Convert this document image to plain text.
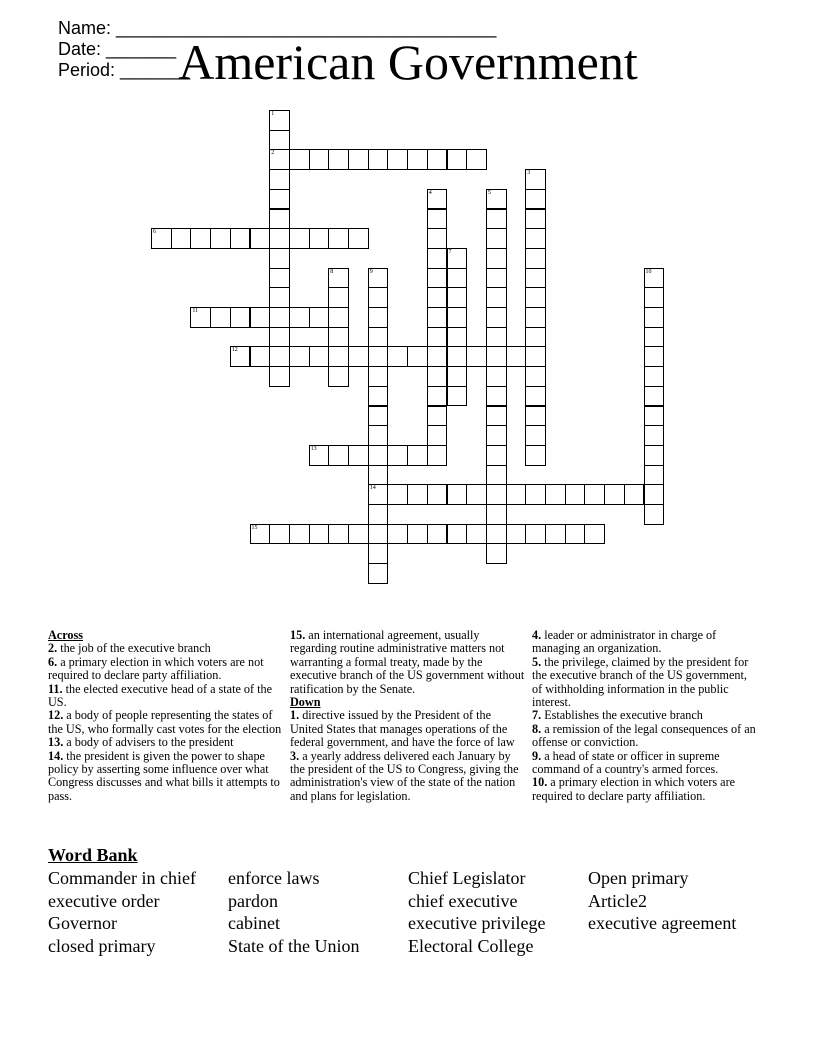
Name: ______________________________________
Date: _______
Period: _______

American Government
1
2
3
4	5
6
7
8	9
14
10
11
12
13
15
Across
2. the job of the executive branch
6. a primary election in which voters are not required to declare party affiliation.
11. the elected executive head of a state of the US.
12. a body of people representing the states of the US, who formally cast votes for the election
13. a body of advisers to the president
14. the president is given the power to shape policy by asserting some influence over what Congress discusses and what bills it attempts to pass.
15. an international agreement, usually regarding routine administrative matters not warranting a formal treaty, made by the executive branch of the US government without ratification by the Senate.
Down
1. directive issued by the President of the United States that manages operations of the federal government, and have the force of law
3. a yearly address delivered each January by the president of the US to Congress, giving the administration's view of the state of the nation and plans for legislation.
4. leader or administrator in charge of managing an organization.
5. the privilege, claimed by the president for the executive branch of the US government, of withholding information in the public interest.
7. Establishes the executive branch
8. a remission of the legal consequences of an offense or conviction.
9. a head of state or officer in supreme command of a country's armed forces.
10. a primary election in which voters are required to declare party affiliation.
Word Bank
Commander in chief
executive order
Governor
closed primary
enforce laws
pardon
cabinet
State of the Union
Chief Legislator
chief executive
executive privilege
Electoral College
Open primary
Article2
executive agreement
